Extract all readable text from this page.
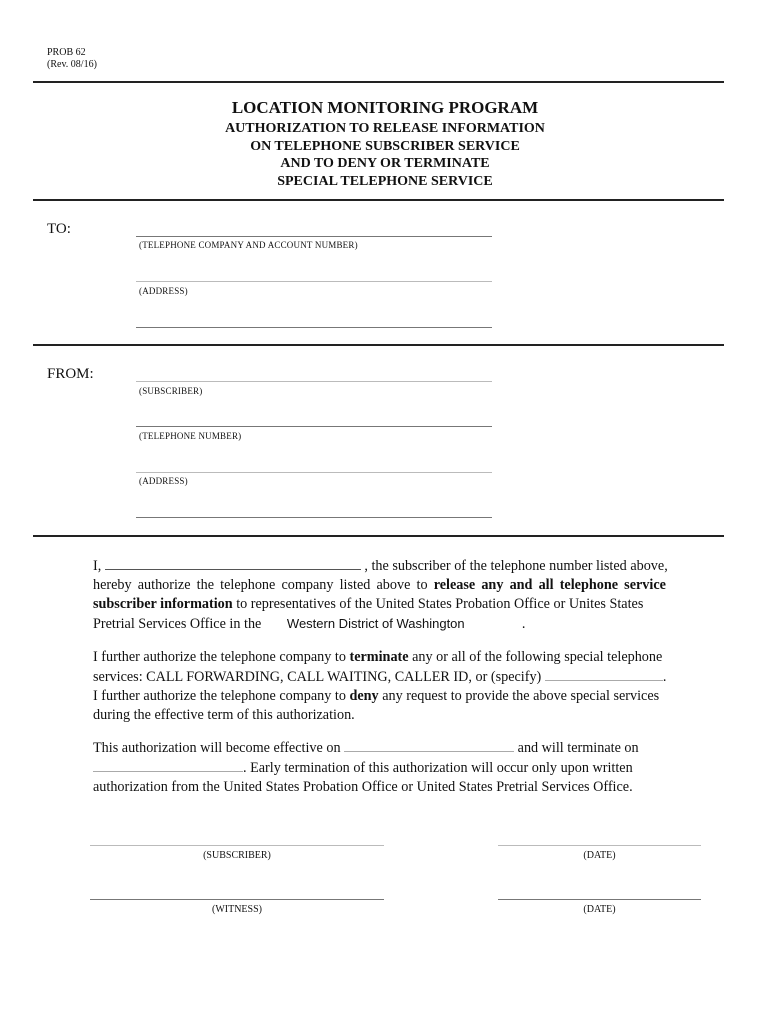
PROB 62
(Rev. 08/16)
LOCATION MONITORING PROGRAM
AUTHORIZATION TO RELEASE INFORMATION
ON TELEPHONE SUBSCRIBER SERVICE
AND TO DENY OR TERMINATE
SPECIAL TELEPHONE SERVICE
TO:
(TELEPHONE COMPANY AND ACCOUNT NUMBER)
(ADDRESS)
FROM:
(SUBSCRIBER)
(TELEPHONE NUMBER)
(ADDRESS)
I,	, the subscriber of the telephone number listed above,
hereby authorize the telephone company listed above to release any and all telephone service
subscriber information to representatives of the United States Probation Office or Unites States
Pretrial Services Office in the Western District of Washington	.
I further authorize the telephone company to terminate any or all of the following special telephone
services: CALL FORWARDING, CALL WAITING, CALLER ID, or (specify)	.
I further authorize the telephone company to deny any request to provide the above special services
during the effective term of this authorization.
This authorization will become effective on	and will terminate on
. Early termination of this authorization will occur only upon written
authorization from the United States Probation Office or United States Pretrial Services Office.
(SUBSCRIBER)	(DATE)
(WITNESS)	(DATE)
